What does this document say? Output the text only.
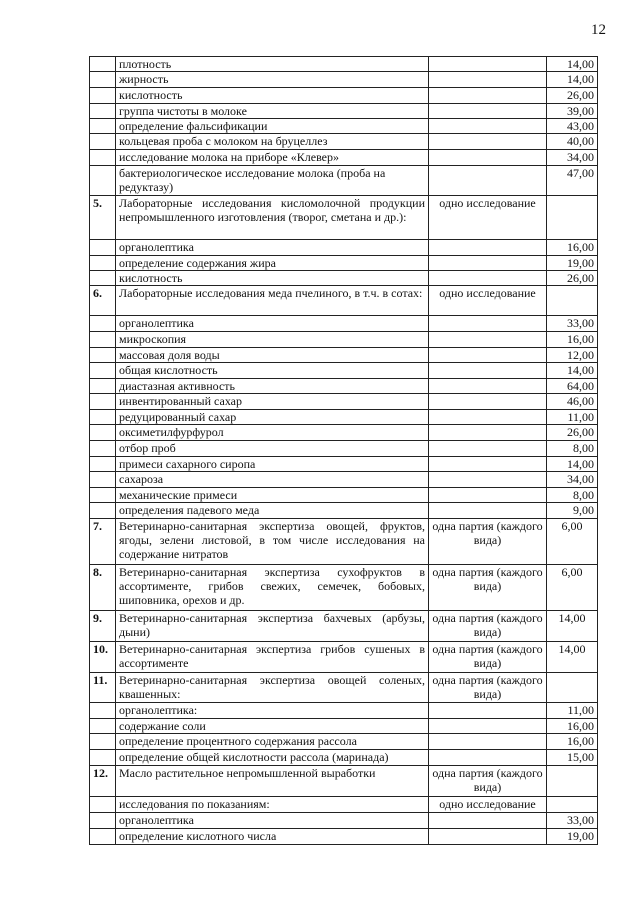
12
	плотность		14,00
	жирность		14,00
	кислотность		26,00
	группа чистоты в молоке		39,00
	определение фальсификации		43,00
	кольцевая проба с молоком на бруцеллез		40,00
	исследование молока на приборе «Клевер»		34,00
	бактериологическое исследование молока (проба на редуктазу)		47,00
5.	Лабораторные исследования кисломолочной продукции непромышленного изготовления (творог, сметана и др.):	одно исследование	
	органолептика		16,00
	определение содержания жира		19,00
	кислотность		26,00
6.	Лабораторные исследования меда пчелиного, в т.ч. в сотах:	одно исследование	
	органолептика		33,00
	микроскопия		16,00
	массовая доля воды		12,00
	общая кислотность		14,00
	диастазная активность		64,00
	инвентированный сахар		46,00
	редуцированный сахар		11,00
	оксиметилфурфурол		26,00
	отбор проб		8,00
	примеси сахарного сиропа		14,00
	сахароза		34,00
	механические примеси		8,00
	определения падевого меда		9,00
7.	Ветеринарно-санитарная экспертиза овощей, фруктов, ягоды, зелени листовой, в том числе исследования на содержание нитратов	одна партия (каждого вида)	6,00
8.	Ветеринарно-санитарная экспертиза сухофруктов в ассортименте, грибов свежих, семечек, бобовых, шиповника, орехов и др.	одна партия (каждого вида)	6,00
9.	Ветеринарно-санитарная экспертиза бахчевых (арбузы, дыни)	одна партия (каждого вида)	14,00
10.	Ветеринарно-санитарная экспертиза грибов сушеных в ассортименте	одна партия (каждого вида)	14,00
11.	Ветеринарно-санитарная экспертиза овощей соленых, квашенных:	одна партия (каждого вида)	
	органолептика:		11,00
	содержание соли		16,00
	определение процентного содержания рассола		16,00
	определение общей кислотности рассола (маринада)		15,00
12.	Масло растительное непромышленной выработки	одна партия (каждого вида)	
	исследования по показаниям:	одно исследование	
	органолептика		33,00
	определение кислотного числа		19,00
